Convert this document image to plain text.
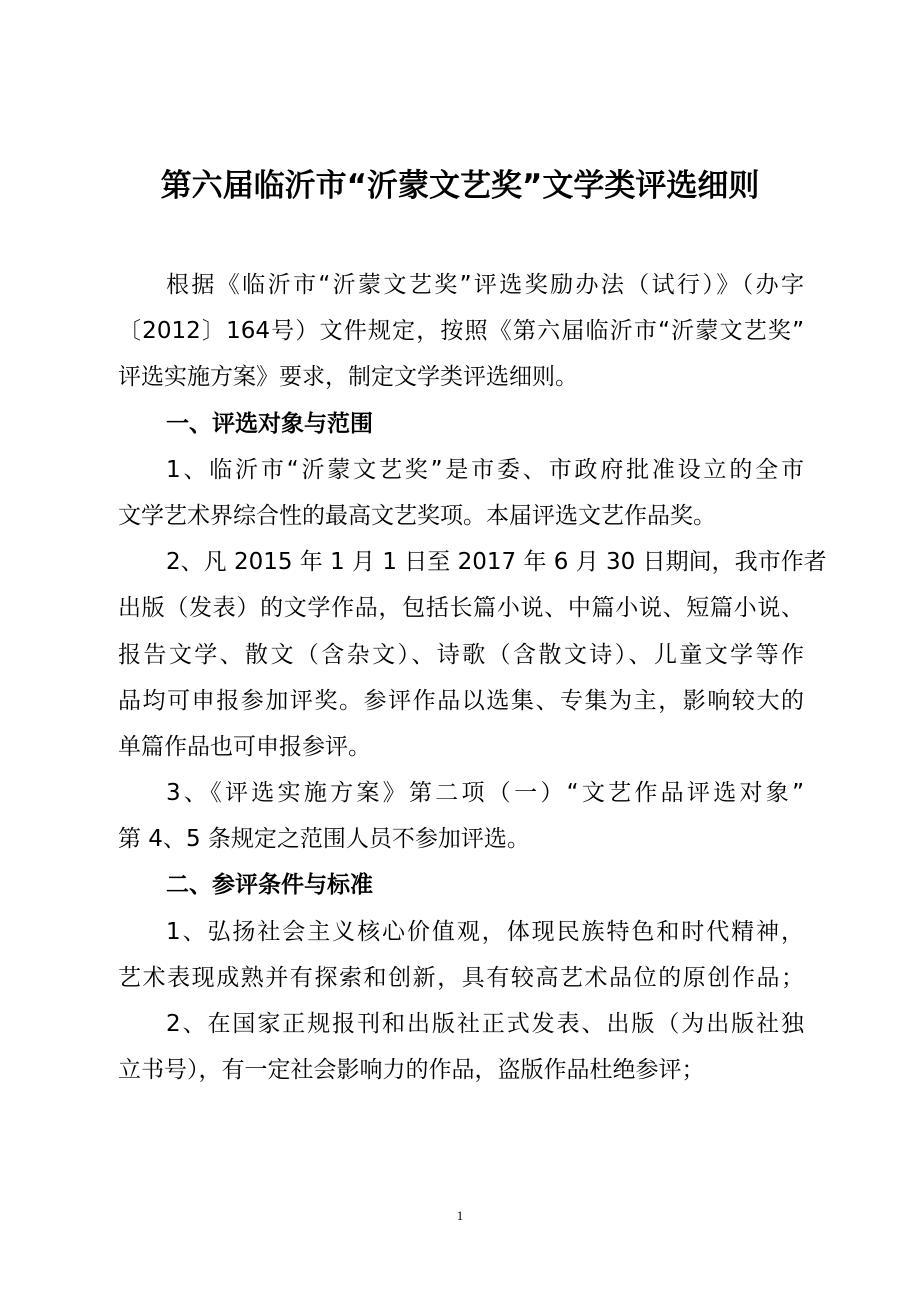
第六届临沂市“沂蒙文艺奖”文学类评选细则
根据《临沂市“沂蒙文艺奖”评选奖励办法（试行）》（办字
〔2012〕164号）文件规定，按照《第六届临沂市“沂蒙文艺奖”
评选实施方案》要求，制定文学类评选细则。
一、评选对象与范围
1、临沂市“沂蒙文艺奖”是市委、市政府批准设立的全市
文学艺术界综合性的最高文艺奖项。本届评选文艺作品奖。
2、凡 2015 年 1 月 1 日至 2017 年 6 月 30 日期间，我市作者
出版（发表）的文学作品，包括长篇小说、中篇小说、短篇小说、
报告文学、散文（含杂文）、诗歌（含散文诗）、儿童文学等作
品均可申报参加评奖。参评作品以选集、专集为主，影响较大的
单篇作品也可申报参评。
3、《评选实施方案》第二项（一）“文艺作品评选对象”
第 4、5 条规定之范围人员不参加评选。
二、参评条件与标准
1、弘扬社会主义核心价值观，体现民族特色和时代精神，
艺术表现成熟并有探索和创新，具有较高艺术品位的原创作品；
2、在国家正规报刊和出版社正式发表、出版（为出版社独
立书号），有一定社会影响力的作品，盗版作品杜绝参评；
1
